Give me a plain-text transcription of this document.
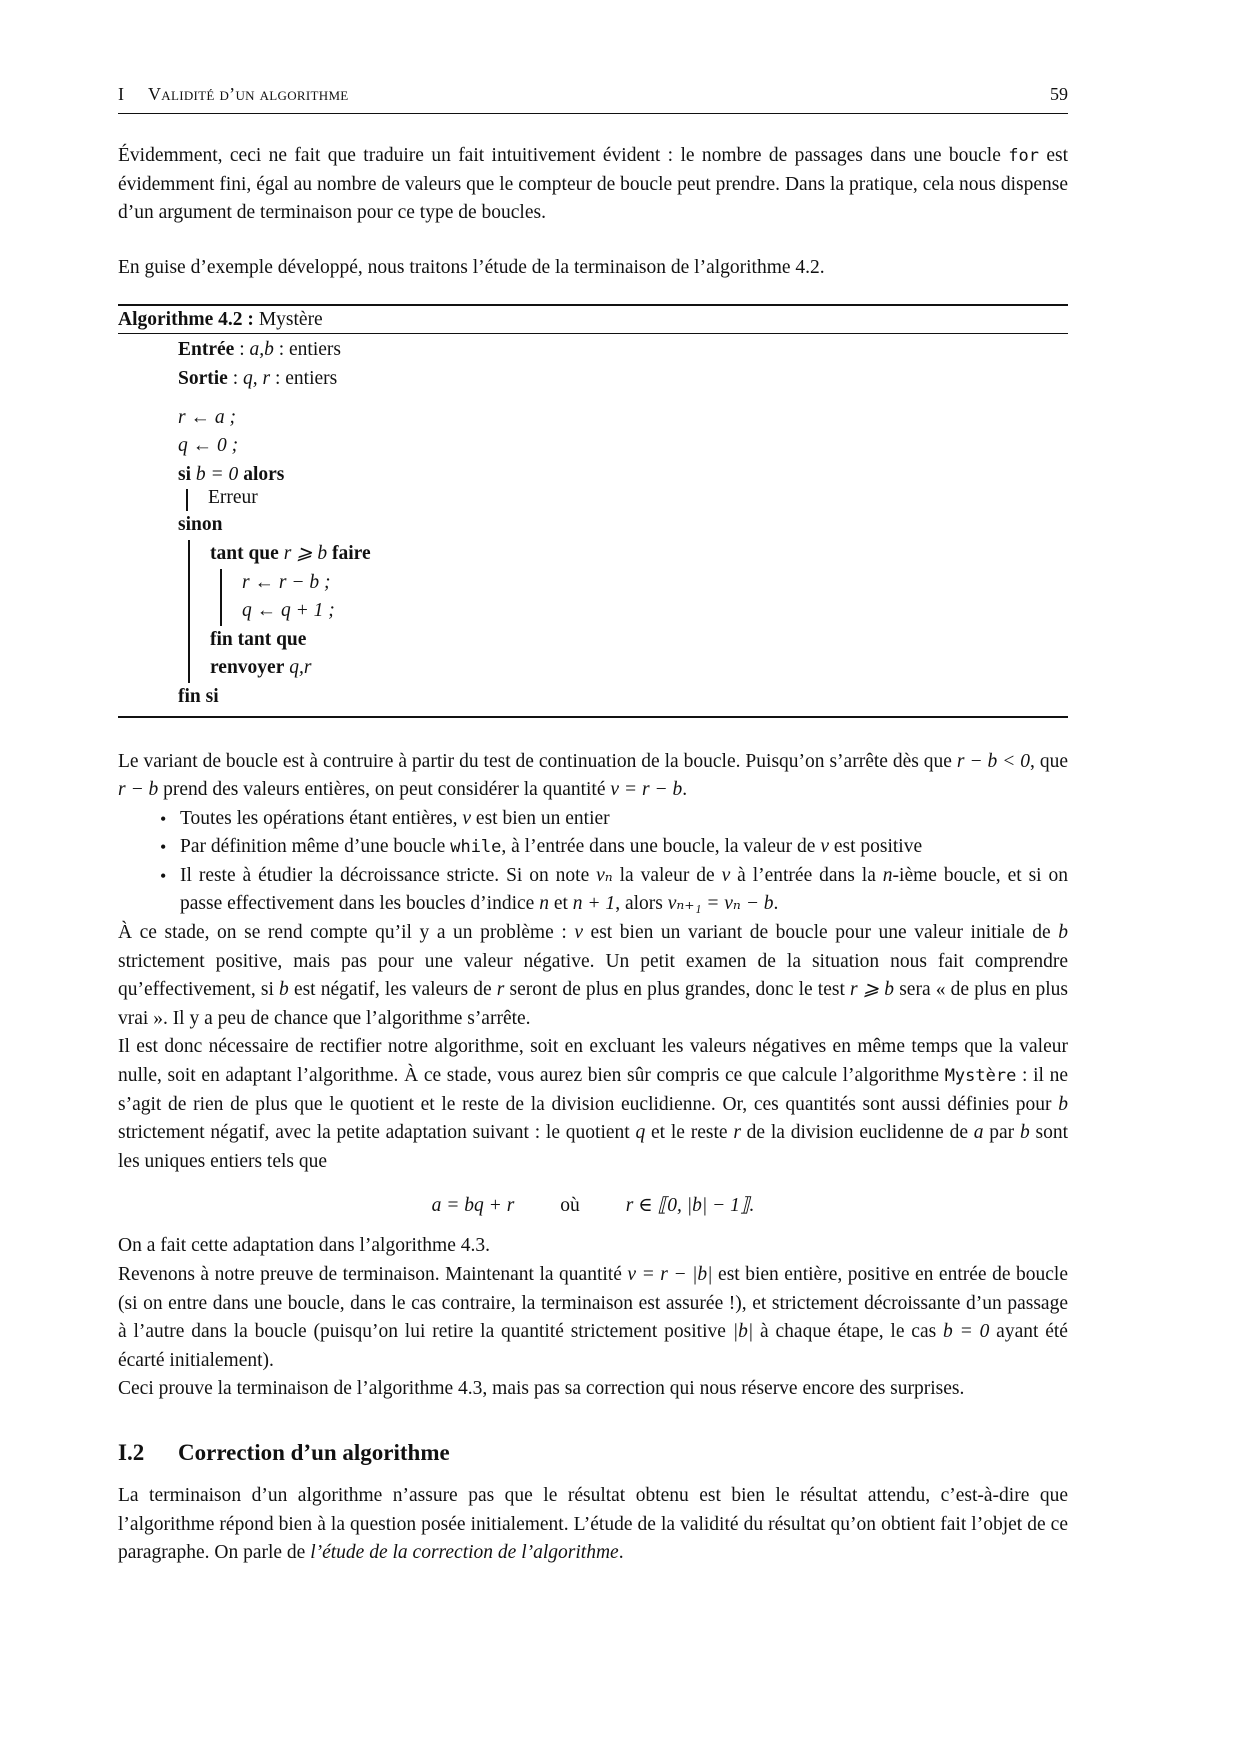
I Validité d’un algorithme	59

Évidemment, ceci ne fait que traduire un fait intuitivement évident : le nombre de passages dans une boucle for est évidemment fini, égal au nombre de valeurs que le compteur de boucle peut prendre. Dans la pratique, cela nous dispense d’un argument de terminaison pour ce type de boucles.

En guise d’exemple développé, nous traitons l’étude de la terminaison de l’algorithme 4.2.

Algorithme 4.2 : Mystère
Entrée : a,b : entiers
Sortie : q, r : entiers
r ← a ;
q ← 0 ;
si b = 0 alors
Erreur
sinon
tant que r ⩾ b faire
r ← r − b ;
q ← q + 1 ;
fin tant que
renvoyer q,r
fin si

Le variant de boucle est à contruire à partir du test de continuation de la boucle. Puisqu’on s’arrête dès que r − b < 0, que r − b prend des valeurs entières, on peut considérer la quantité v = r − b.

• Toutes les opérations étant entières, v est bien un entier
• Par définition même d’une boucle while, à l’entrée dans une boucle, la valeur de v est positive
• Il reste à étudier la décroissance stricte. Si on note vₙ la valeur de v à l’entrée dans la n-ième boucle, et si on passe effectivement dans les boucles d’indice n et n + 1, alors vₙ₊₁ = vₙ − b.

À ce stade, on se rend compte qu’il y a un problème : v est bien un variant de boucle pour une valeur initiale de b strictement positive, mais pas pour une valeur négative. Un petit examen de la situation nous fait comprendre qu’effectivement, si b est négatif, les valeurs de r seront de plus en plus grandes, donc le test r ⩾ b sera « de plus en plus vrai ». Il y a peu de chance que l’algorithme s’arrête.

Il est donc nécessaire de rectifier notre algorithme, soit en excluant les valeurs négatives en même temps que la valeur nulle, soit en adaptant l’algorithme. À ce stade, vous aurez bien sûr compris ce que calcule l’algorithme Mystère : il ne s’agit de rien de plus que le quotient et le reste de la division euclidienne. Or, ces quantités sont aussi définies pour b strictement négatif, avec la petite adaptation suivant : le quotient q et le reste r de la division euclidenne de a par b sont les uniques entiers tels que

a = bq + r où r ∈ ⟦0, |b| − 1⟧.

On a fait cette adaptation dans l’algorithme 4.3.

Revenons à notre preuve de terminaison. Maintenant la quantité v = r − |b| est bien entière, positive en entrée de boucle (si on entre dans une boucle, dans le cas contraire, la terminaison est assurée !), et strictement décroissante d’un passage à l’autre dans la boucle (puisqu’on lui retire la quantité strictement positive |b| à chaque étape, le cas b = 0 ayant été écarté initialement).

Ceci prouve la terminaison de l’algorithme 4.3, mais pas sa correction qui nous réserve encore des surprises.

I.2 Correction d’un algorithme

La terminaison d’un algorithme n’assure pas que le résultat obtenu est bien le résultat attendu, c’est-à-dire que l’algorithme répond bien à la question posée initialement. L’étude de la validité du résultat qu’on obtient fait l’objet de ce paragraphe. On parle de l’étude de la correction de l’algorithme.
